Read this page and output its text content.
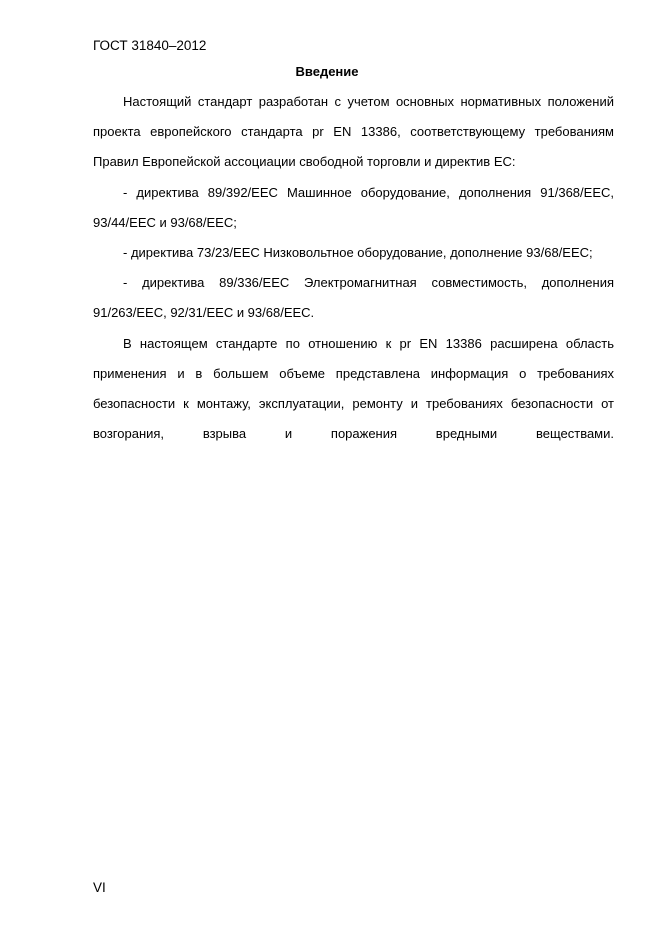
ГОСТ 31840–2012
Введение

Настоящий стандарт разработан с учетом основных нормативных положений проекта европейского стандарта pr EN 13386, соответствующему требованиям Правил Европейской ассоциации свободной торговли и директив ЕС:

- директива 89/392/EEC Машинное оборудование, дополнения 91/368/EEC, 93/44/EEC и 93/68/EEC;

- директива 73/23/EEC Низковольтное оборудование, дополнение 93/68/EEC;

- директива 89/336/EEC Электромагнитная совместимость, дополнения 91/263/EEC, 92/31/EEC и 93/68/EEC.

В настоящем стандарте по отношению к pr EN 13386 расширена область применения и в большем объеме представлена информация о требованиях безопасности к монтажу, эксплуатации, ремонту и требованиях безопасности от возгорания, взрыва и поражения вредными веществами.

VI
